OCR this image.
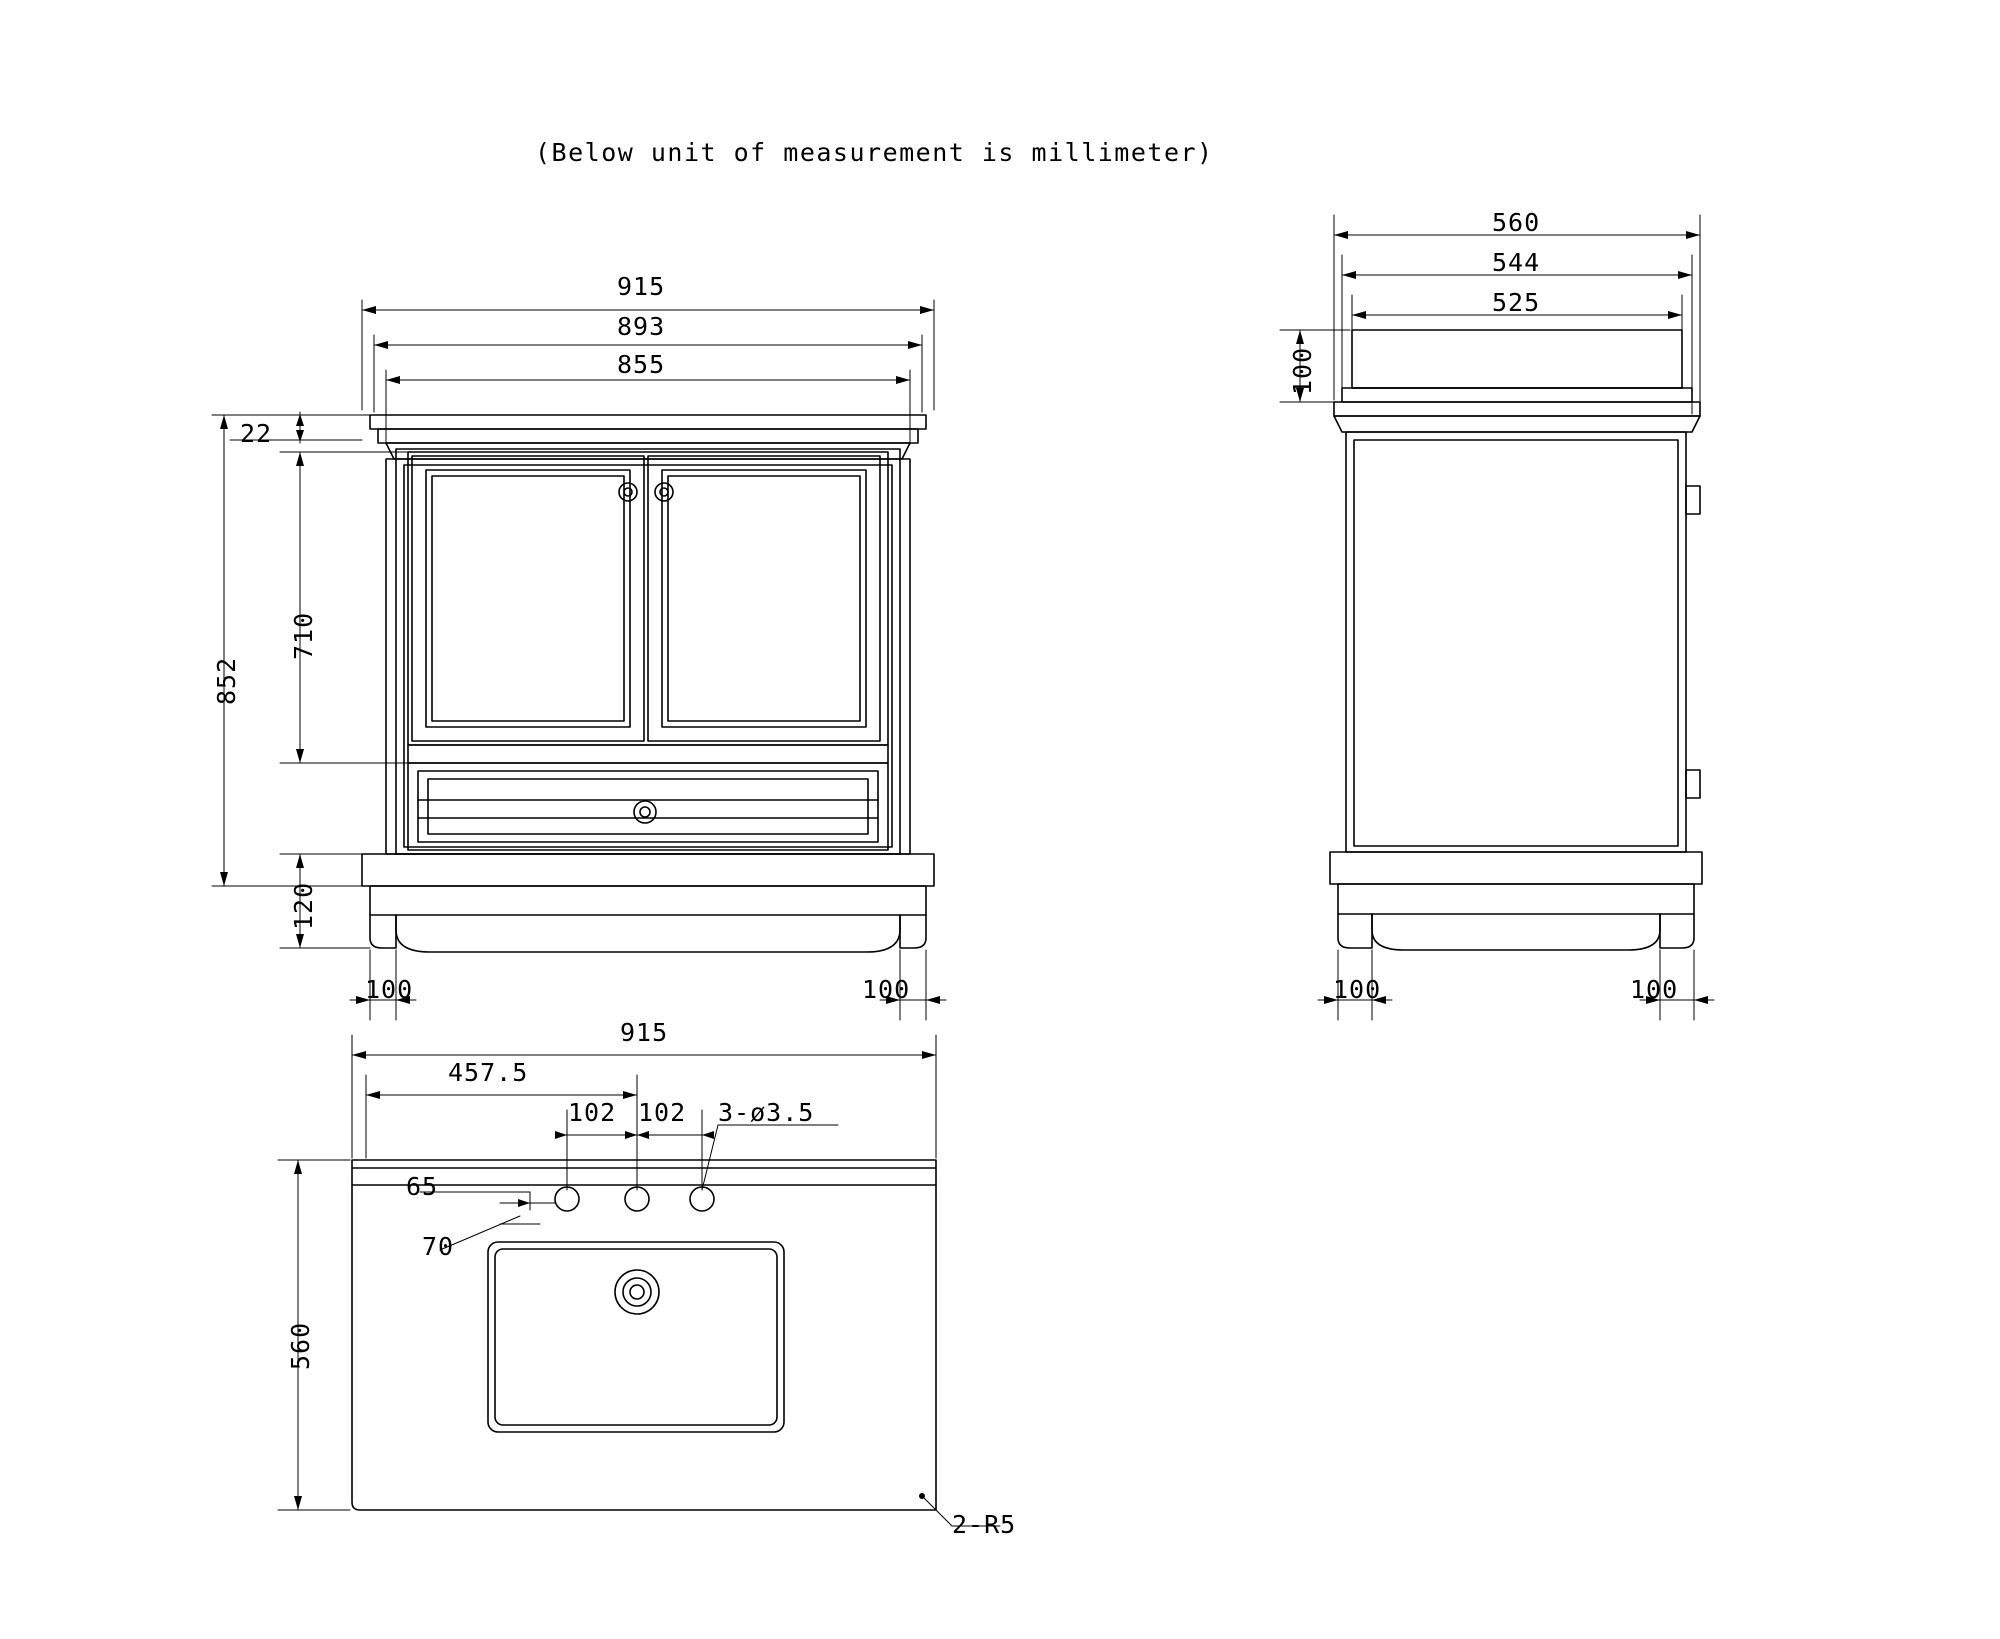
(Below unit of measurement is millimeter)
915
893
855
22
852
710
120
100	100
560
544
525
100
100	100
915
457.5
102 102 3-ø3.5
65
70
560
2-R5
